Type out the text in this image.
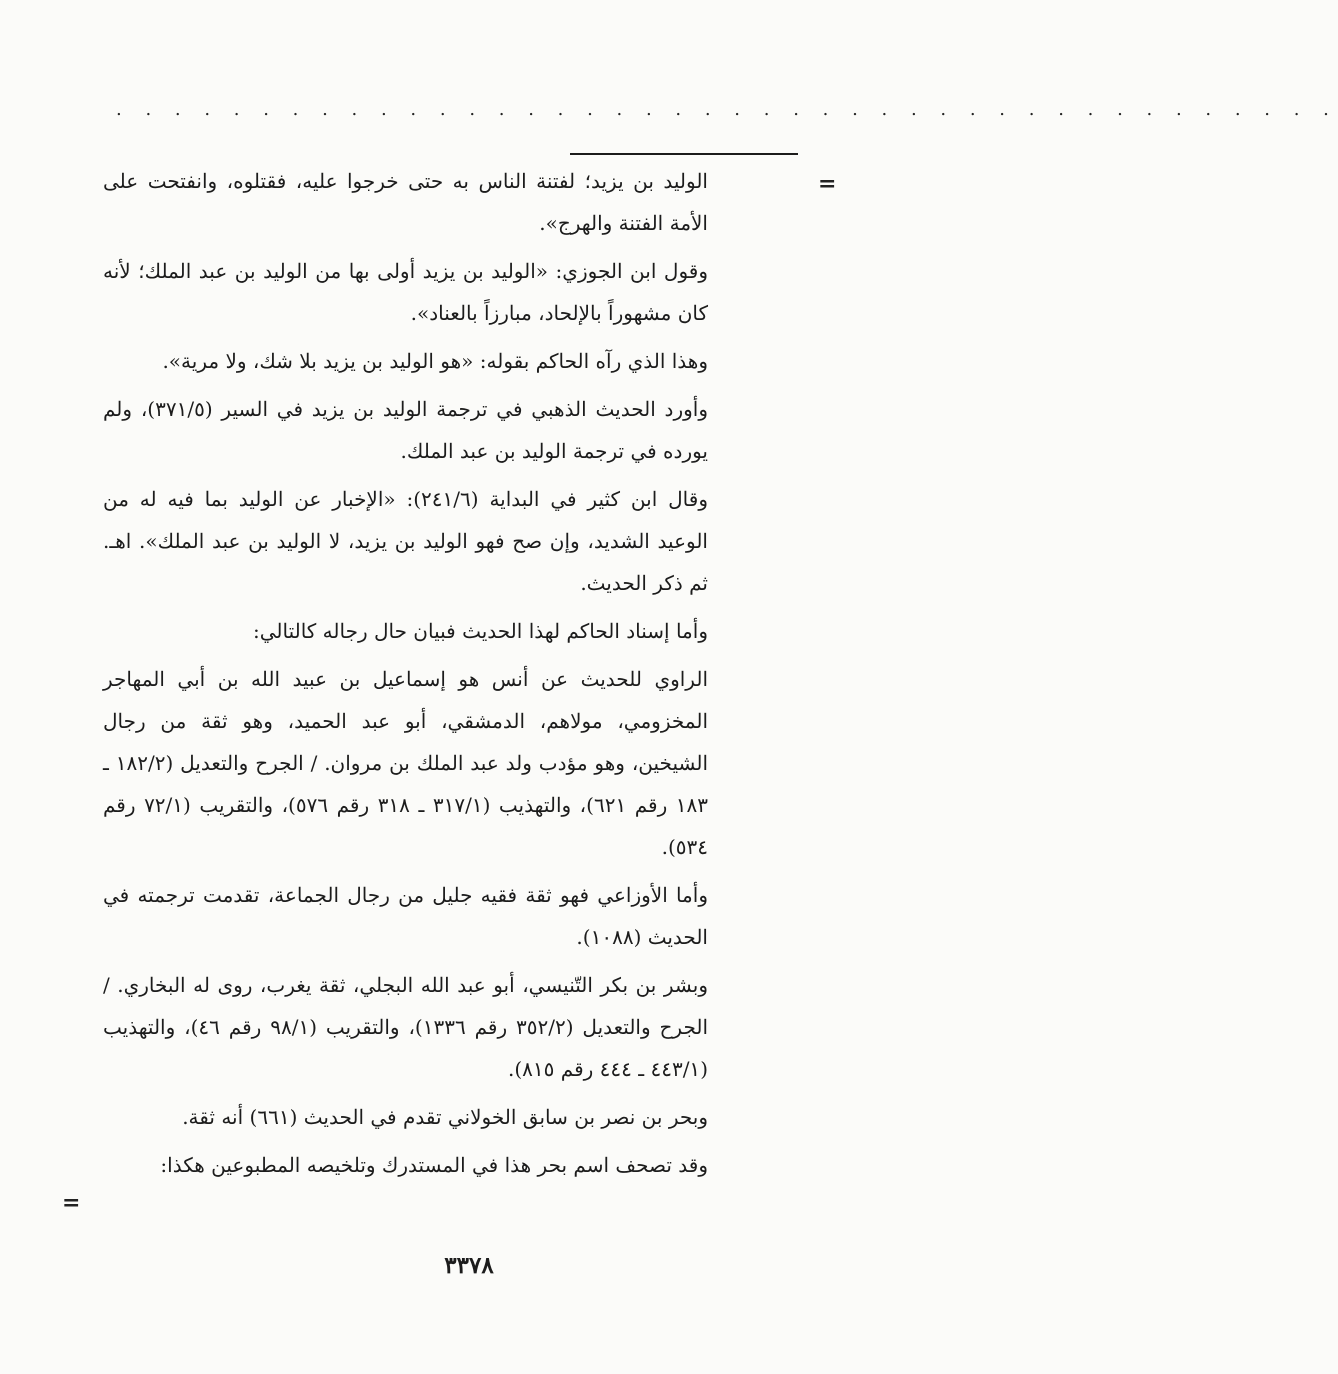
. . . . . . . . . . . . . . . . . . . . . . . . . . . . . . . . . . . . . . . . . .
=

الوليد بن يزيد؛ لفتنة الناس به حتى خرجوا عليه، فقتلوه، وانفتحت على الأمة الفتنة والهرج».

وقول ابن الجوزي: «الوليد بن يزيد أولى بها من الوليد بن عبد الملك؛ لأنه كان مشهوراً بالإلحاد، مبارزاً بالعناد».

وهذا الذي رآه الحاكم بقوله: «هو الوليد بن يزيد بلا شك، ولا مرية».

وأورد الحديث الذهبي في ترجمة الوليد بن يزيد في السير (٣٧١/٥)، ولم يورده في ترجمة الوليد بن عبد الملك.

وقال ابن كثير في البداية (٢٤١/٦): «الإخبار عن الوليد بما فيه له من الوعيد الشديد، وإن صح فهو الوليد بن يزيد، لا الوليد بن عبد الملك». اهـ. ثم ذكر الحديث.

وأما إسناد الحاكم لهذا الحديث فبيان حال رجاله كالتالي:

الراوي للحديث عن أنس هو إسماعيل بن عبيد الله بن أبي المهاجر المخزومي، مولاهم، الدمشقي، أبو عبد الحميد، وهو ثقة من رجال الشيخين، وهو مؤدب ولد عبد الملك بن مروان. / الجرح والتعديل (١٨٢/٢ ـ ١٨٣ رقم ٦٢١)، والتهذيب (٣١٧/١ ـ ٣١٨ رقم ٥٧٦)، والتقريب (٧٢/١ رقم ٥٣٤).

وأما الأوزاعي فهو ثقة فقيه جليل من رجال الجماعة، تقدمت ترجمته في الحديث (١٠٨٨).

وبشر بن بكر التّنيسي، أبو عبد الله البجلي، ثقة يغرب، روى له البخاري. / الجرح والتعديل (٣٥٢/٢ رقم ١٣٣٦)، والتقريب (٩٨/١ رقم ٤٦)، والتهذيب (٤٤٣/١ ـ ٤٤٤ رقم ٨١٥).

وبحر بن نصر بن سابق الخولاني تقدم في الحديث (٦٦١) أنه ثقة.

وقد تصحف اسم بحر هذا في المستدرك وتلخيصه المطبوعين هكذا:

=
٣٣٧٨
